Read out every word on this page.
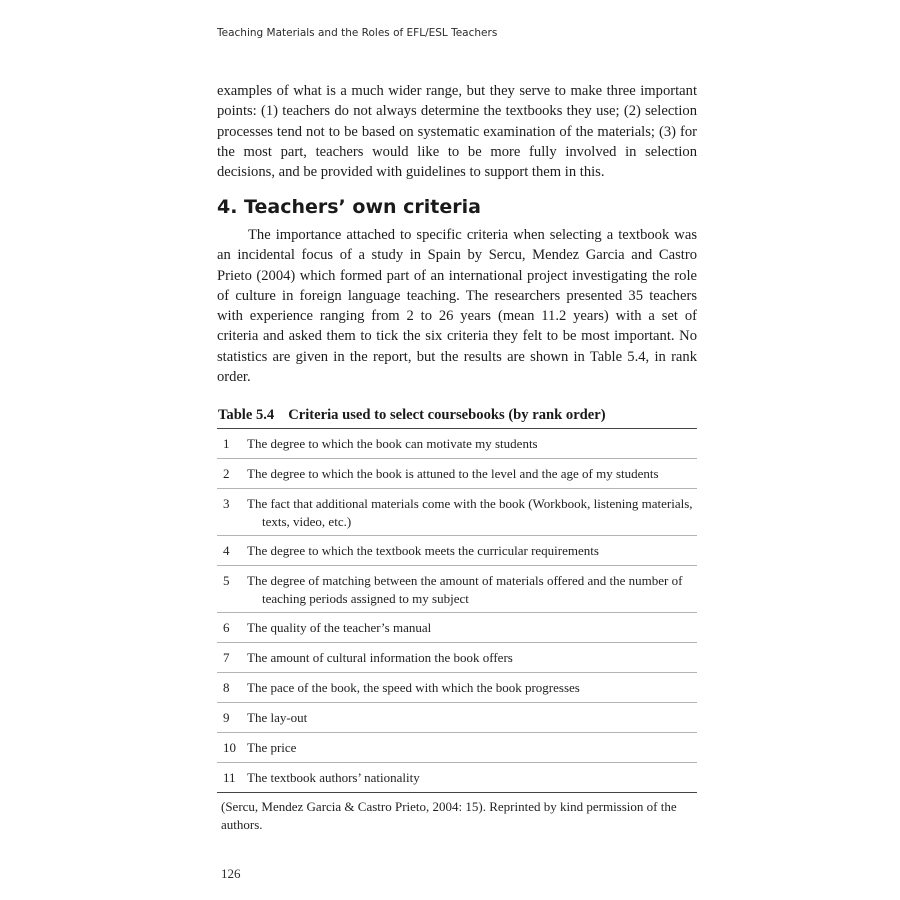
Teaching Materials and the Roles of EFL/ESL Teachers

examples of what is a much wider range, but they serve to make three important points: (1) teachers do not always determine the textbooks they use; (2) selection processes tend not to be based on systematic examination of the materials; (3) for the most part, teachers would like to be more fully involved in selection decisions, and be provided with guidelines to support them in this.

4. Teachers’ own criteria

The importance attached to specific criteria when selecting a textbook was an incidental focus of a study in Spain by Sercu, Mendez Garcia and Castro Prieto (2004) which formed part of an international project investigating the role of culture in foreign language teaching. The researchers presented 35 teachers with experience ranging from 2 to 26 years (mean 11.2 years) with a set of criteria and asked them to tick the six criteria they felt to be most important. No statistics are given in the report, but the results are shown in Table 5.4, in rank order.

Table 5.4 Criteria used to select coursebooks (by rank order)
1	The degree to which the book can motivate my students
2	The degree to which the book is attuned to the level and the age of my students
3	The fact that additional materials come with the book (Workbook, listening materials, texts, video, etc.)
4	The degree to which the textbook meets the curricular requirements
5	The degree of matching between the amount of materials offered and the number of teaching periods assigned to my subject
6	The quality of the teacher’s manual
7	The amount of cultural information the book offers
8	The pace of the book, the speed with which the book progresses
9	The lay-out
10 The price
11 The textbook authors’ nationality
(Sercu, Mendez Garcia & Castro Prieto, 2004: 15). Reprinted by kind permission of the authors.
126
